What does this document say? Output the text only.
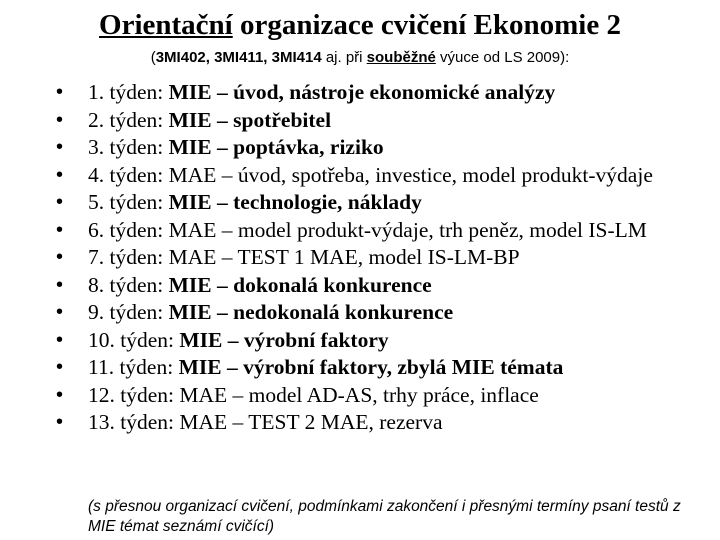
Orientační organizace cvičení Ekonomie 2
(3MI402, 3MI411, 3MI414 aj. při souběžné výuce od LS 2009):
• 1. týden: MIE – úvod, nástroje ekonomické analýzy
• 2. týden: MIE – spotřebitel
• 3. týden: MIE – poptávka, riziko
• 4. týden: MAE – úvod, spotřeba, investice, model produkt-výdaje
• 5. týden: MIE – technologie, náklady
• 6. týden: MAE – model produkt-výdaje, trh peněz, model IS-LM
• 7. týden: MAE – TEST 1 MAE, model IS-LM-BP
• 8. týden: MIE – dokonalá konkurence
• 9. týden: MIE – nedokonalá konkurence
• 10. týden: MIE – výrobní faktory
• 11. týden: MIE – výrobní faktory, zbylá MIE témata
• 12. týden: MAE – model AD-AS, trhy práce, inflace
• 13. týden: MAE – TEST 2 MAE, rezerva
(s přesnou organizací cvičení, podmínkami zakončení i přesnými termíny psaní testů z MIE témat seznámí cvičící)
